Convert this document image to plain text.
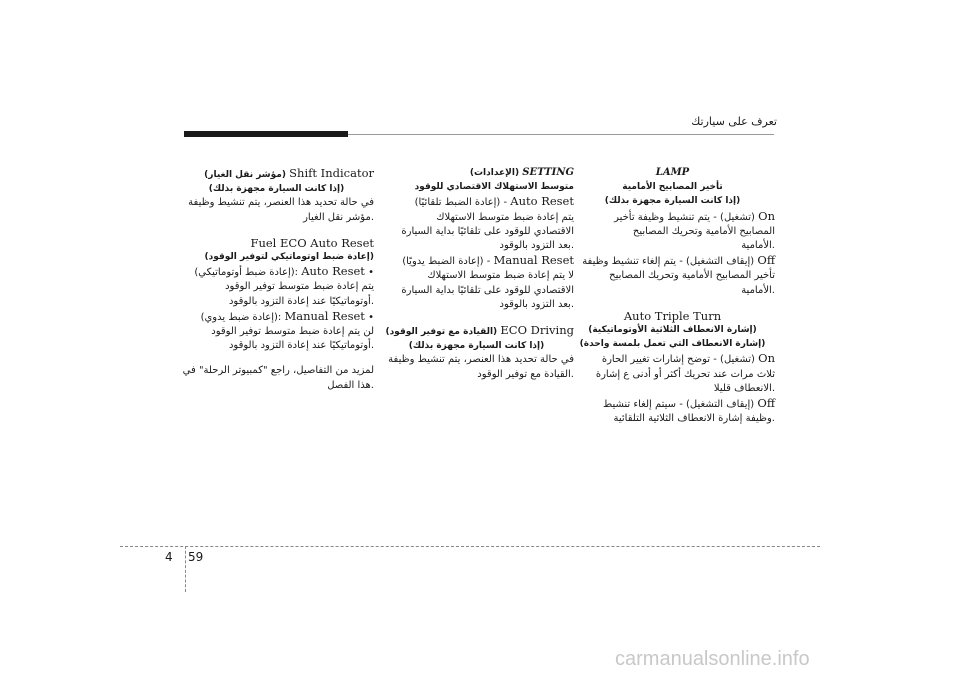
تعرف على سيارتك

LAMP

تأخير المصابيح الأمامية

(إذا كانت السيارة مجهزة بذلك)

On (تشغيل) - يتم تنشيط وظيفة تأخير

المصابيح الأمامية وتحريك المصابيح

.الأمامية

Off (إيقاف التشغيل) - يتم إلغاء تنشيط وظيفة

تأخير المصابيح الأمامية وتحريك المصابيح

.الأمامية

Auto Triple Turn

(إشارة الانعطاف الثلاثية الأوتوماتيكية)

(إشارة الانعطاف التي تعمل بلمسة واحدة)

On (تشغيل) - توضح إشارات تغيير الحارة

ثلاث مرات عند تحريك أكثر أو أدنى ع إشارة

.الانعطاف قليلا

Off (إيقاف التشغيل) - سيتم إلغاء تنشيط

.وظيفة إشارة الانعطاف الثلاثية التلقائية

SETTING (الإعدادات)

متوسط الاستهلاك الاقتصادي للوقود

Auto Reset - (إعادة الضبط تلقائيًا)

يتم إعادة ضبط متوسط الاستهلاك

الاقتصادي للوقود على تلقائيًا بداية السيارة

.بعد التزود بالوقود

Manual Reset - (إعادة الضبط يدويًا)

لا يتم إعادة ضبط متوسط الاستهلاك

الاقتصادي للوقود على تلقائيًا بداية السيارة

.بعد التزود بالوقود

ECO Driving (القيادة مع توفير الوقود)

(إذا كانت السيارة مجهزة بذلك)

في حالة تحديد هذا العنصر، يتم تنشيط وظيفة

.القيادة مع توفير الوقود

Shift Indicator (مؤشر نقل الغيار)

(إذا كانت السيارة مجهزة بذلك)

في حالة تحديد هذا العنصر، يتم تنشيط وظيفة

.مؤشر نقل الغيار

Fuel ECO Auto Reset

(إعادة ضبط اوتوماتيكي لتوفير الوقود)

• Auto Reset :(إعادة ضبط أوتوماتيكي)

يتم إعادة ضبط متوسط توفير الوقود

.أوتوماتيكيًا عند إعادة التزود بالوقود

• Manual Reset :(إعادة ضبط يدوي)

لن يتم إعادة ضبط متوسط توفير الوقود

.أوتوماتيكيًا عند إعادة التزود بالوقود

لمزيد من التفاصيل، راجع "كمبيوتر الرحلة" في

.هذا الفصل

4 59
carmanualsonline.info
